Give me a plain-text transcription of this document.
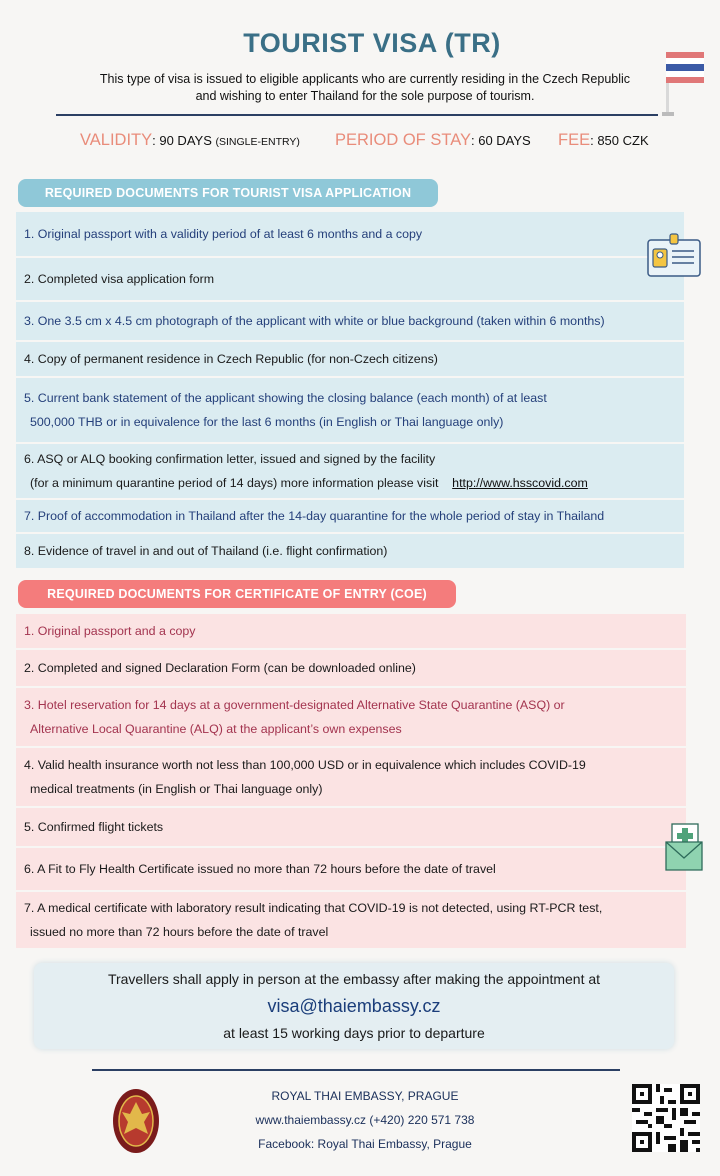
TOURIST VISA (TR)
This type of visa is issued to eligible applicants who are currently residing in the Czech Republic
and wishing to enter Thailand for the sole purpose of tourism.
VALIDITY: 90 DAYS (SINGLE-ENTRY) PERIOD OF STAY: 60 DAYS FEE: 850 CZK
REQUIRED DOCUMENTS FOR TOURIST VISA APPLICATION
1. Original passport with a validity period of at least 6 months and a copy
2. Completed visa application form
3. One 3.5 cm x 4.5 cm photograph of the applicant with white or blue background (taken within 6 months)
4. Copy of permanent residence in Czech Republic (for non-Czech citizens)
5. Current bank statement of the applicant showing the closing balance (each month) of at least
500,000 THB or in equivalence for the last 6 months (in English or Thai language only)
6. ASQ or ALQ booking confirmation letter, issued and signed by the facility
(for a minimum quarantine period of 14 days) more information please visit http://www.hsscovid.com
7. Proof of accommodation in Thailand after the 14-day quarantine for the whole period of stay in Thailand
8. Evidence of travel in and out of Thailand (i.e. flight confirmation)
REQUIRED DOCUMENTS FOR CERTIFICATE OF ENTRY (COE)
1. Original passport and a copy
2. Completed and signed Declaration Form (can be downloaded online)
3. Hotel reservation for 14 days at a government-designated Alternative State Quarantine (ASQ) or
Alternative Local Quarantine (ALQ) at the applicant’s own expenses
4. Valid health insurance worth not less than 100,000 USD or in equivalence which includes COVID-19
medical treatments (in English or Thai language only)
5. Confirmed flight tickets
6. A Fit to Fly Health Certificate issued no more than 72 hours before the date of travel
7. A medical certificate with laboratory result indicating that COVID-19 is not detected, using RT-PCR test,
issued no more than 72 hours before the date of travel
Travellers shall apply in person at the embassy after making the appointment at
visa@thaiembassy.cz
at least 15 working days prior to departure
ROYAL THAI EMBASSY, PRAGUE
www.thaiembassy.cz (+420) 220 571 738
Facebook: Royal Thai Embassy, Prague
